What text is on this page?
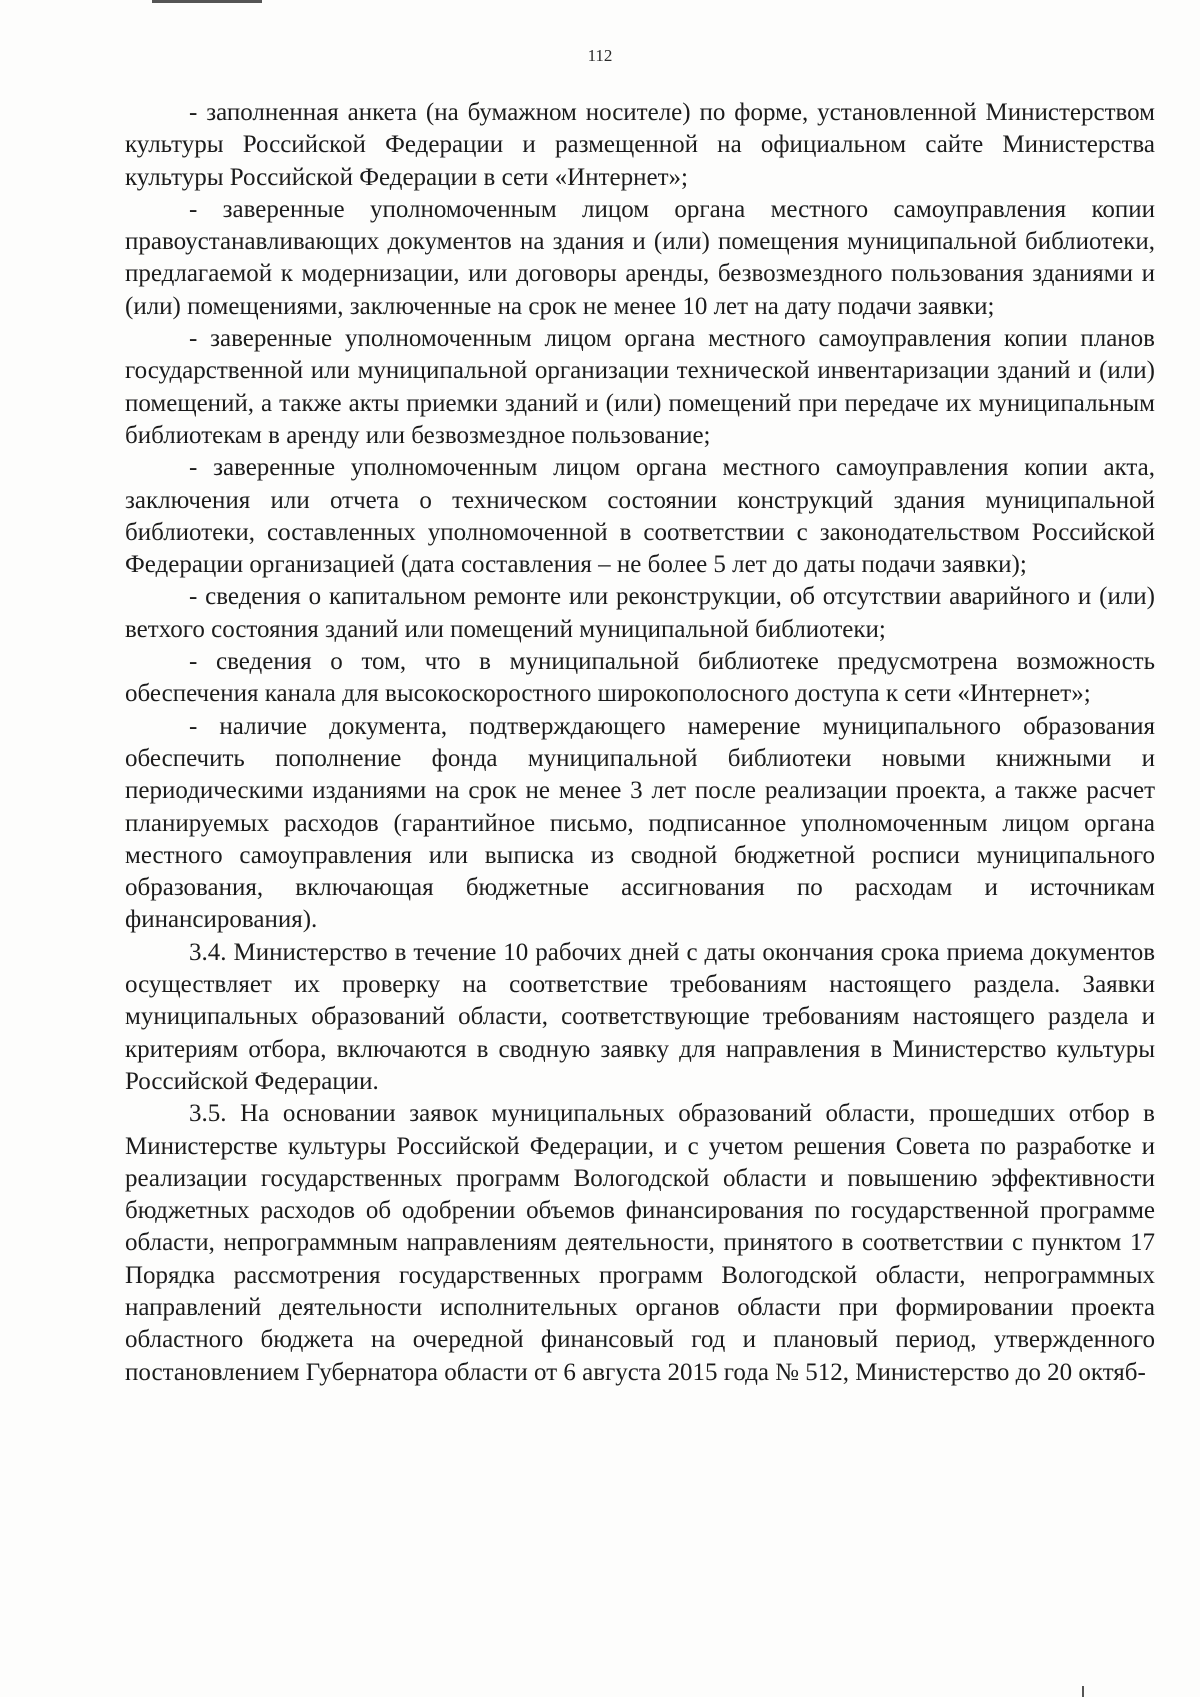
112

- заполненная анкета (на бумажном носителе) по форме, установленной Министерством культуры Российской Федерации и размещенной на официальном сайте Министерства культуры Российской Федерации в сети «Интернет»;

- заверенные уполномоченным лицом органа местного самоуправления копии правоустанавливающих документов на здания и (или) помещения муниципальной библиотеки, предлагаемой к модернизации, или договоры аренды, безвозмездного пользования зданиями и (или) помещениями, заключенные на срок не менее 10 лет на дату подачи заявки;

- заверенные уполномоченным лицом органа местного самоуправления копии планов государственной или муниципальной организации технической инвентаризации зданий и (или) помещений, а также акты приемки зданий и (или) помещений при передаче их муниципальным библиотекам в аренду или безвозмездное пользование;

- заверенные уполномоченным лицом органа местного самоуправления копии акта, заключения или отчета о техническом состоянии конструкций здания муниципальной библиотеки, составленных уполномоченной в соответствии с законодательством Российской Федерации организацией (дата составления – не более 5 лет до даты подачи заявки);

- сведения о капитальном ремонте или реконструкции, об отсутствии аварийного и (или) ветхого состояния зданий или помещений муниципальной библиотеки;

- сведения о том, что в муниципальной библиотеке предусмотрена возможность обеспечения канала для высокоскоростного широкополосного доступа к сети «Интернет»;

- наличие документа, подтверждающего намерение муниципального образования обеспечить пополнение фонда муниципальной библиотеки новыми книжными и периодическими изданиями на срок не менее 3 лет после реализации проекта, а также расчет планируемых расходов (гарантийное письмо, подписанное уполномоченным лицом органа местного самоуправления или выписка из сводной бюджетной росписи муниципального образования, включающая бюджетные ассигнования по расходам и источникам финансирования).

3.4. Министерство в течение 10 рабочих дней с даты окончания срока приема документов осуществляет их проверку на соответствие требованиям настоящего раздела. Заявки муниципальных образований области, соответствующие требованиям настоящего раздела и критериям отбора, включаются в сводную заявку для направления в Министерство культуры Российской Федерации.

3.5. На основании заявок муниципальных образований области, прошедших отбор в Министерстве культуры Российской Федерации, и с учетом решения Совета по разработке и реализации государственных программ Вологодской области и повышению эффективности бюджетных расходов об одобрении объемов финансирования по государственной программе области, непрограммным направлениям деятельности, принятого в соответствии с пунктом 17 Порядка рассмотрения государственных программ Вологодской области, непрограммных направлений деятельности исполнительных органов области при формировании проекта областного бюджета на очередной финансовый год и плановый период, утвержденного постановлением Губернатора области от 6 августа 2015 года № 512, Министерство до 20 октяб-
